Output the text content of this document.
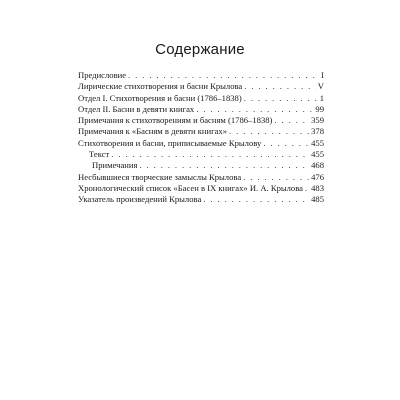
Содержание
Предисловие . . .	I
Лирические стихотворения и басни Крылова . . .	V
Отдел I. Стихотворения и басни (1786–1838) . . .	1
Отдел II. Басни в девяти книгах . . .	99
Примечания к стихотворениям и басням (1786–1838) . . .	359
Примечания к «Басням в девяти книгах» . . .	378
Стихотворения и басни, приписываемые Крылову . . .	455
Текст . . .	455
Примечания . . .	468
Несбывшиеся творческие замыслы Крылова . . .	476
Хронологический список «Басен в IX книгах» И. А. Крылова . . . 483
Указатель произведений Крылова . . .	485
